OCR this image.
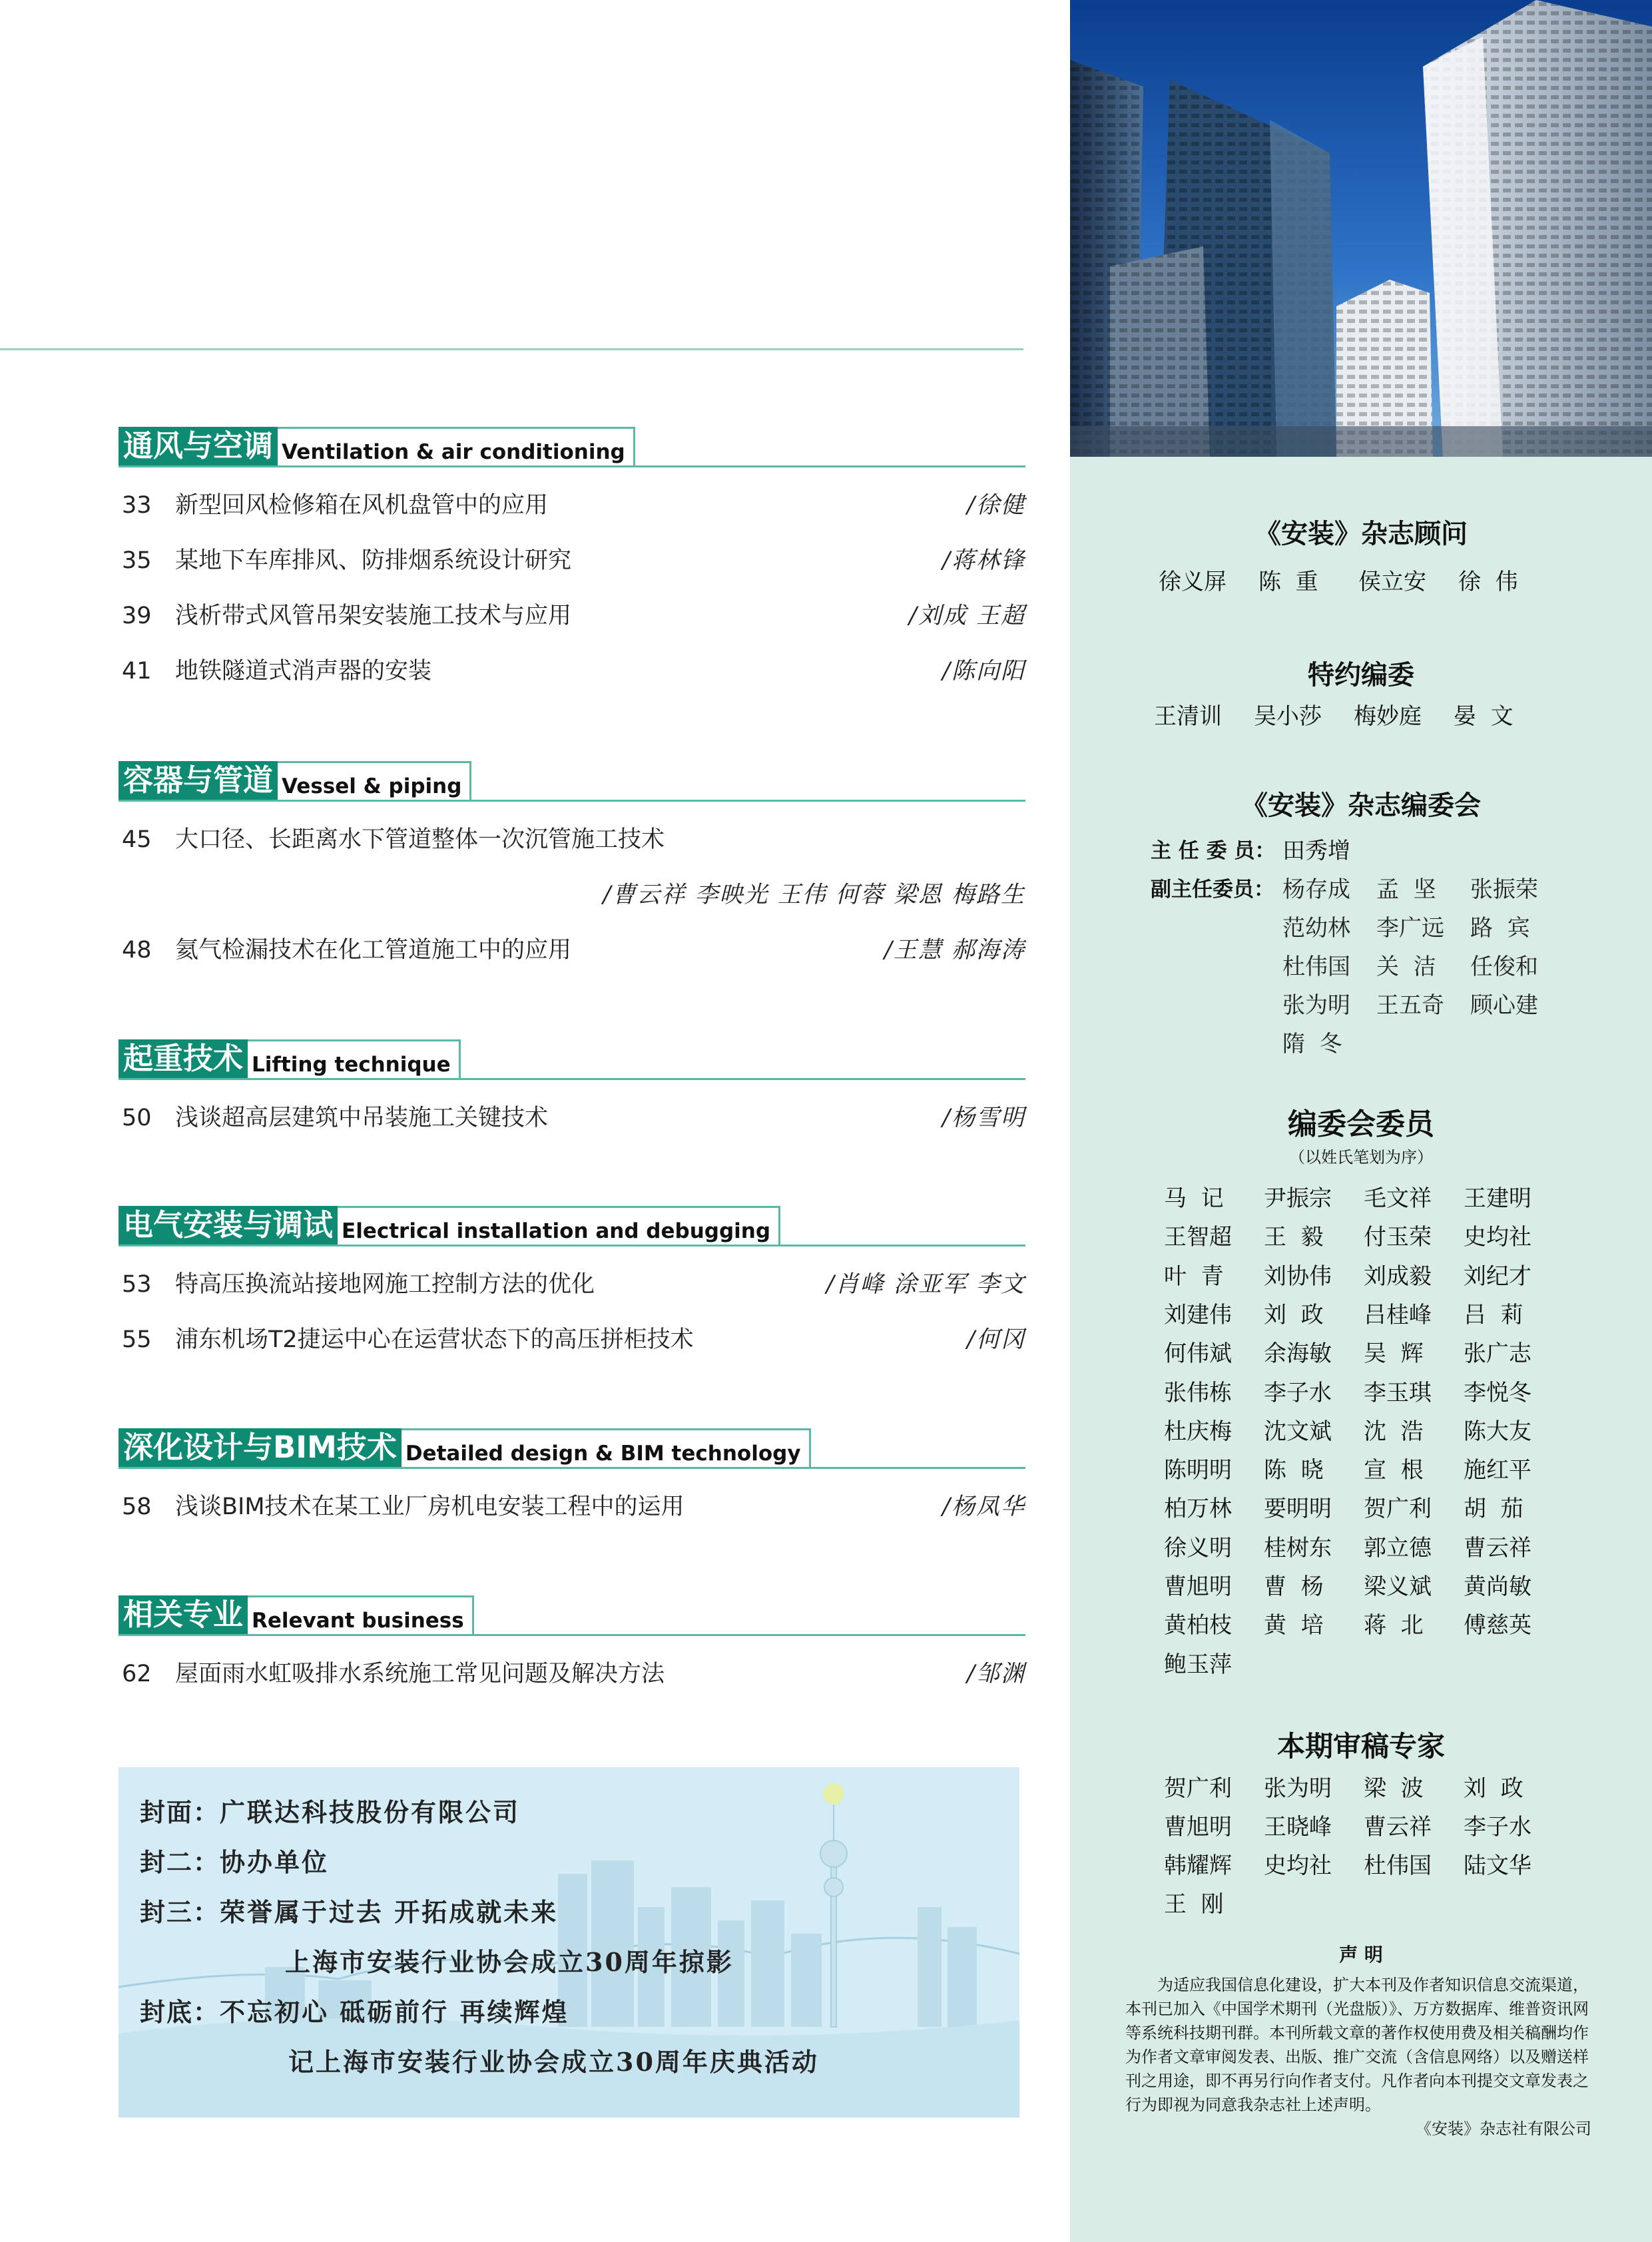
通风与空调 Ventilation & air conditioning
33	新型回风检修箱在风机盘管中的应用	/徐健
35	某地下车库排风、防排烟系统设计研究	/蒋林锋
39	浅析带式风管吊架安装施工技术与应用	/刘成 王超
41	地铁隧道式消声器的安装	/陈向阳
容器与管道 Vessel & piping
45	大口径、长距离水下管道整体一次沉管施工技术
/曹云祥 李映光 王伟 何蓉 梁恩 梅路生
48	氦气检漏技术在化工管道施工中的应用	/王慧 郝海涛
起重技术 Lifting technique
50	浅谈超高层建筑中吊装施工关键技术	/杨雪明
电气安装与调试 Electrical installation and debugging
53	特高压换流站接地网施工控制方法的优化	/肖峰 涂亚军 李文
55	浦东机场T2捷运中心在运营状态下的高压拼柜技术	/何冈
深化设计与BIM技术 Detailed design & BIM technology
58	浅谈BIM技术在某工业厂房机电安装工程中的运用	/杨凤华
相关专业 Relevant business
62	屋面雨水虹吸排水系统施工常见问题及解决方法	/邹渊
封面：广联达科技股份有限公司
封二：协办单位
封三：荣誉属于过去 开拓成就未来
上海市安装行业协会成立30周年掠影
封底：不忘初心 砥砺前行 再续辉煌
记上海市安装行业协会成立30周年庆典活动
《安装》杂志顾问
徐义屏 陈  重 侯立安 徐  伟
特约编委
王清训 吴小莎 梅妙庭 晏  文
《安装》杂志编委会
主 任 委 员： 田秀增
副主任委员： 杨存成 孟  坚 张振荣
范幼林 李广远 路  宾
杜伟国 关  洁 任俊和
张为明 王五奇 顾心建
隋  冬
编委会委员
（以姓氏笔划为序）
马  记 尹振宗 毛文祥 王建明
王智超 王  毅 付玉荣 史均社
叶  青 刘协伟 刘成毅 刘纪才
刘建伟 刘  政 吕桂峰 吕  莉
何伟斌 余海敏 吴  辉 张广志
张伟栋 李子水 李玉琪 李悦冬
杜庆梅 沈文斌 沈  浩 陈大友
陈明明 陈  晓 宣  根 施红平
柏万林 要明明 贺广利 胡  茄
徐义明 桂树东 郭立德 曹云祥
曹旭明 曹  杨 梁义斌 黄尚敏
黄柏枝 黄  培 蒋  北 傅慈英
鲍玉萍
本期审稿专家
贺广利 张为明 梁  波 刘  政
曹旭明 王晓峰 曹云祥 李子水
韩耀辉 史均社 杜伟国 陆文华
王  刚
声 明
为适应我国信息化建设，扩大本刊及作者知识信息交流渠道，本刊已加入《中国学术期刊（光盘版）》、万方数据库、维普资讯网等系统科技期刊群。本刊所载文章的著作权使用费及相关稿酬均作为作者文章审阅发表、出版、推广交流（含信息网络）以及赠送样刊之用途，即不再另行向作者支付。凡作者向本刊提交文章发表之行为即视为同意我杂志社上述声明。
《安装》杂志社有限公司
